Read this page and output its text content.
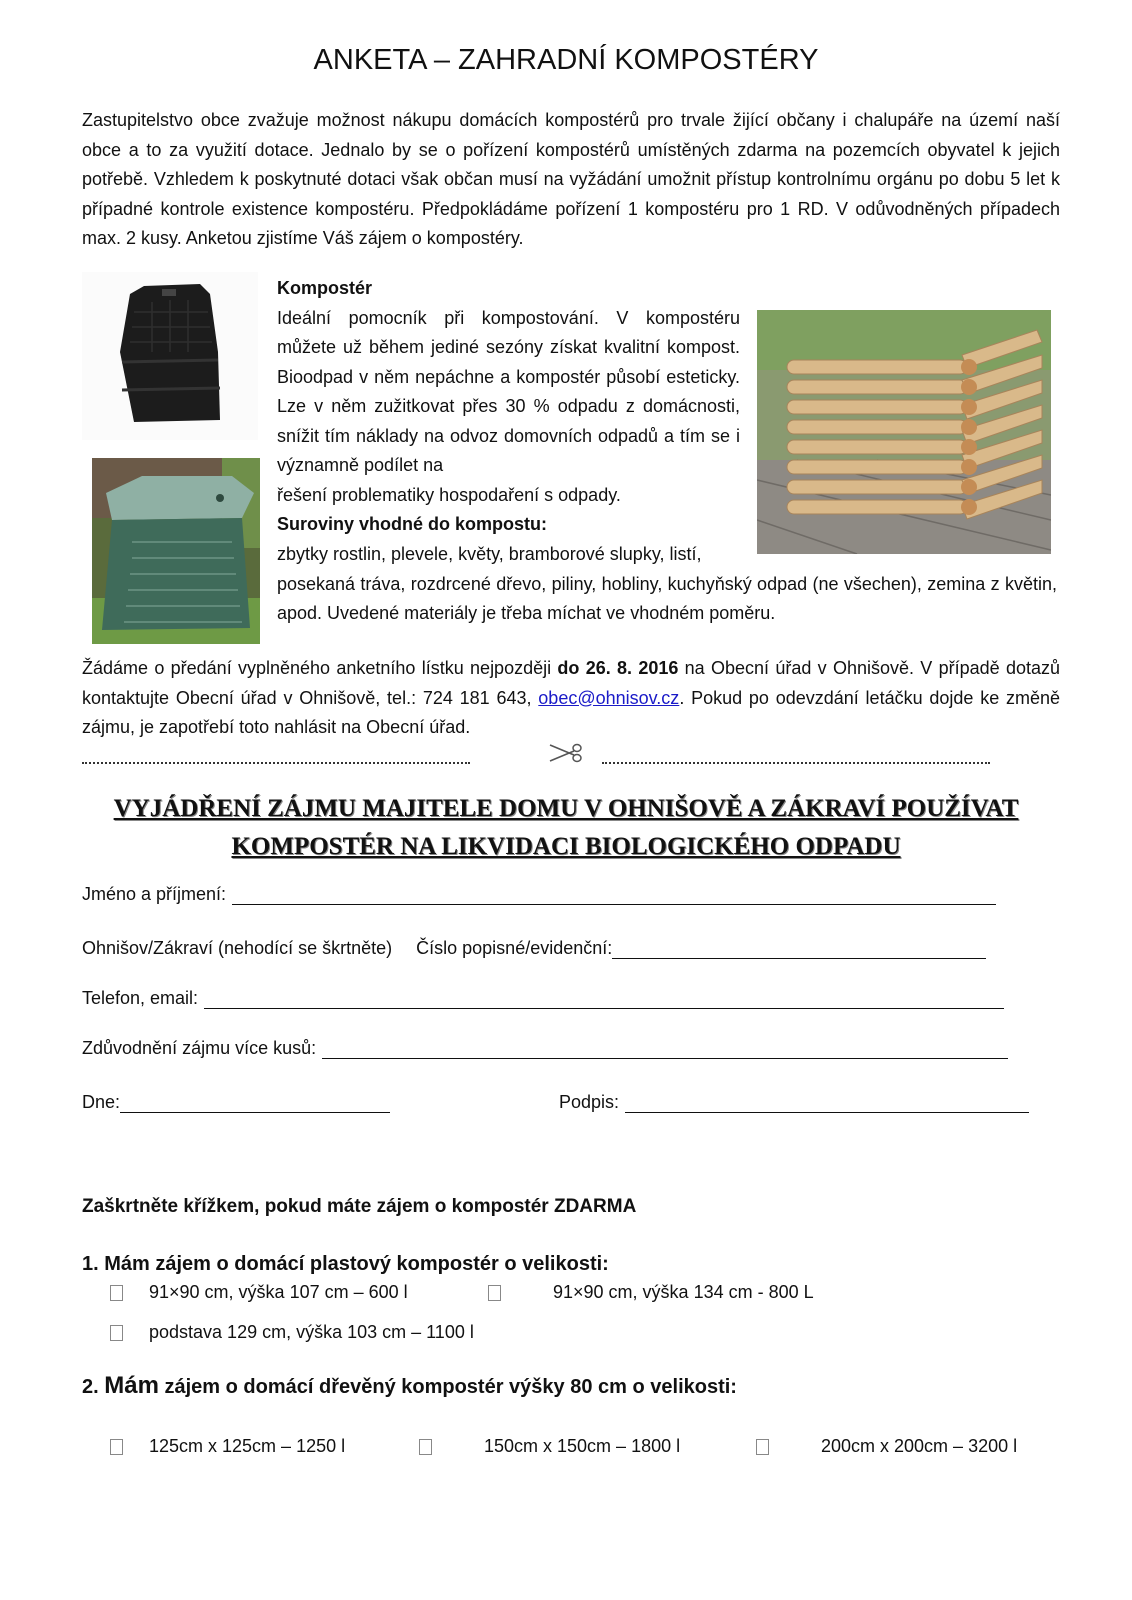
ANKETA – ZAHRADNÍ KOMPOSTÉRY

Zastupitelstvo obce zvažuje možnost nákupu domácích kompostérů pro trvale žijící občany i chalupáře na území naší obce a to za využití dotace. Jednalo by se o pořízení kompostérů umístěných zdarma na pozemcích obyvatel k jejich potřebě. Vzhledem k poskytnuté dotaci však občan musí na vyžádání umožnit přístup kontrolnímu orgánu po dobu 5 let k případné kontrole existence kompostéru. Předpokládáme pořízení 1 kompostéru pro 1 RD. V odůvodněných případech max. 2 kusy. Anketou zjistíme Váš zájem o kompostéry.

Kompostér

Ideální pomocník při kompostování. V kompostéru můžete už během jediné sezóny získat kvalitní kompost. Bioodpad v něm nepáchne a kompostér působí esteticky. Lze v něm zužitkovat přes 30 % odpadu z domácnosti, snížit tím náklady na odvoz domovních odpadů a tím se i významně podílet na

řešení problematiky hospodaření s odpady.

Suroviny vhodné do kompostu:

zbytky rostlin, plevele, květy, bramborové slupky, listí,

posekaná tráva, rozdrcené dřevo, piliny, hobliny, kuchyňský odpad (ne všechen), zemina z květin, apod. Uvedené materiály je třeba míchat ve vhodném poměru.

Žádáme o předání vyplněného anketního lístku nejpozději do 26. 8. 2016 na Obecní úřad v Ohnišově. V případě dotazů kontaktujte Obecní úřad v Ohnišově, tel.: 724 181 643, obec@ohnisov.cz. Pokud po odevzdání letáčku dojde ke změně zájmu, je zapotřebí toto nahlásit na Obecní úřad.

VYJÁDŘENÍ ZÁJMU MAJITELE DOMU V OHNIŠOVĚ A ZÁKRAVÍ POUŽÍVAT
KOMPOSTÉR NA LIKVIDACI BIOLOGICKÉHO ODPADU
Jméno a příjmení:
Ohnišov/Zákraví (nehodící se škrtněte) Číslo popisné/evidenční:
Telefon, email:
Zdůvodnění zájmu více kusů:
Dne:	Podpis:
Zaškrtněte křížkem, pokud máte zájem o kompostér ZDARMA
1. Mám zájem o domácí plastový kompostér o velikosti:
91×90 cm, výška 107 cm – 600 l	91×90 cm, výška 134 cm - 800 L
podstava 129 cm, výška 103 cm – 1100 l
2. Mám zájem o domácí dřevěný kompostér výšky 80 cm o velikosti:
125cm x 125cm – 1250 l	150cm x 150cm – 1800 l	200cm x 200cm – 3200 l
